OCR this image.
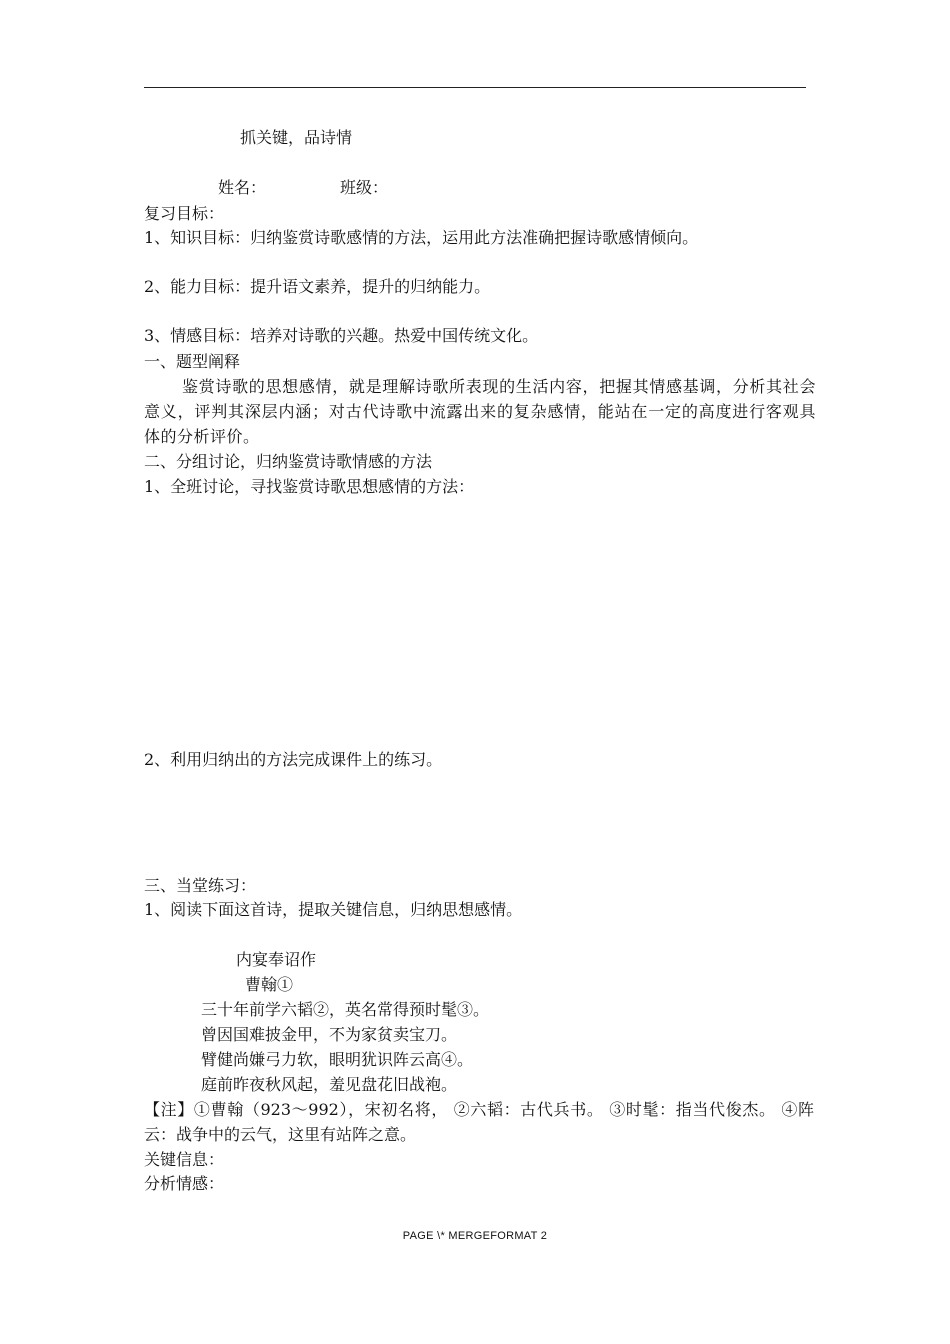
抓关键，品诗情
姓名：	班级：
复习目标：
1、知识目标：归纳鉴赏诗歌感情的方法，运用此方法准确把握诗歌感情倾向。
2、能力目标：提升语文素养，提升的归纳能力。
3、情感目标：培养对诗歌的兴趣。热爱中国传统文化。
一、题型阐释
鉴赏诗歌的思想感情，就是理解诗歌所表现的生活内容，把握其情感基调，分析其社会意义，评判其深层内涵；对古代诗歌中流露出来的复杂感情，能站在一定的高度进行客观具体的分析评价。
二、分组讨论，归纳鉴赏诗歌情感的方法
1、全班讨论，寻找鉴赏诗歌思想感情的方法：
2、利用归纳出的方法完成课件上的练习。
三、当堂练习：
1、阅读下面这首诗，提取关键信息，归纳思想感情。
内宴奉诏作
曹翰①
三十年前学六韬②，英名常得预时髦③。
曾因国难披金甲，不为家贫卖宝刀。
臂健尚嫌弓力软，眼明犹识阵云高④。
庭前昨夜秋风起，羞见盘花旧战袍。
【注】①曹翰（923～992），宋初名将， ②六韬：古代兵书。 ③时髦：指当代俊杰。 ④阵云：战争中的云气，这里有站阵之意。
关键信息：
分析情感：
PAGE \* MERGEFORMAT 2
